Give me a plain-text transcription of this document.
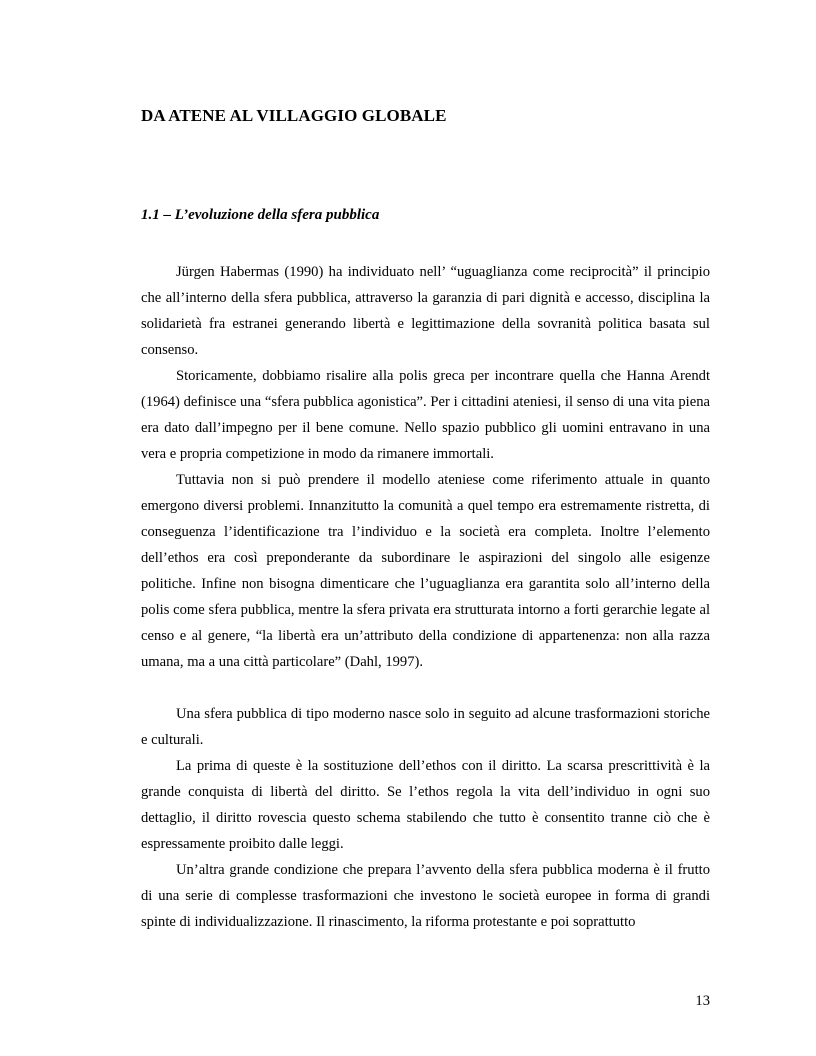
DA ATENE AL VILLAGGIO GLOBALE
1.1 – L’evoluzione della sfera pubblica

Jürgen Habermas (1990) ha individuato nell’ “uguaglianza come reciprocità” il principio che all’interno della sfera pubblica, attraverso la garanzia di pari dignità e accesso, disciplina la solidarietà fra estranei generando libertà e legittimazione della sovranità politica basata sul consenso.

Storicamente, dobbiamo risalire alla polis greca per incontrare quella che Hanna Arendt (1964) definisce una “sfera pubblica agonistica”. Per i cittadini ateniesi, il senso di una vita piena era dato dall’impegno per il bene comune. Nello spazio pubblico gli uomini entravano in una vera e propria competizione in modo da rimanere immortali.

Tuttavia non si può prendere il modello ateniese come riferimento attuale in quanto emergono diversi problemi. Innanzitutto la comunità a quel tempo era estremamente ristretta, di conseguenza l’identificazione tra l’individuo e la società era completa. Inoltre l’elemento dell’ethos era così preponderante da subordinare le aspirazioni del singolo alle esigenze politiche. Infine non bisogna dimenticare che l’uguaglianza era garantita solo all’interno della polis come sfera pubblica, mentre la sfera privata era strutturata intorno a forti gerarchie legate al censo e al genere, “la libertà era un’attributo della condizione di appartenenza: non alla razza umana, ma a una città particolare” (Dahl, 1997).

Una sfera pubblica di tipo moderno nasce solo in seguito ad alcune trasformazioni storiche e culturali.

La prima di queste è la sostituzione dell’ethos con il diritto. La scarsa prescrittività è la grande conquista di libertà del diritto. Se l’ethos regola la vita dell’individuo in ogni suo dettaglio, il diritto rovescia questo schema stabilendo che tutto è consentito tranne ciò che è espressamente proibito dalle leggi.

Un’altra grande condizione che prepara l’avvento della sfera pubblica moderna è il frutto di una serie di complesse trasformazioni che investono le società europee in forma di grandi spinte di individualizzazione. Il rinascimento, la riforma protestante e poi soprattutto

13
